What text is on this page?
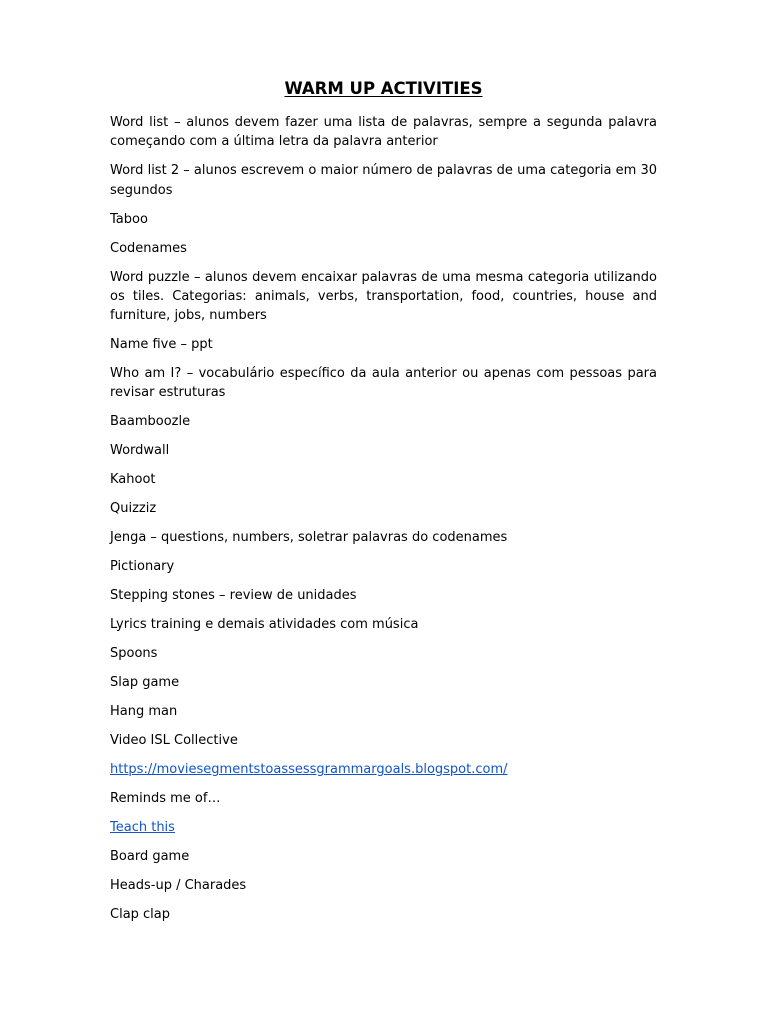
WARM UP ACTIVITIES
Word list – alunos devem fazer uma lista de palavras, sempre a segunda palavra começando com a última letra da palavra anterior
Word list 2 – alunos escrevem o maior número de palavras de uma categoria em 30 segundos
Taboo
Codenames
Word puzzle – alunos devem encaixar palavras de uma mesma categoria utilizando os tiles. Categorias: animals, verbs, transportation, food, countries, house and furniture, jobs, numbers
Name five – ppt
Who am I? – vocabulário específico da aula anterior ou apenas com pessoas para revisar estruturas
Baamboozle
Wordwall
Kahoot
Quizziz
Jenga – questions, numbers, soletrar palavras do codenames
Pictionary
Stepping stones – review de unidades
Lyrics training e demais atividades com música
Spoons
Slap game
Hang man
Video ISL Collective
https://moviesegmentstoassessgrammargoals.blogspot.com/
Reminds me of…
Teach this
Board game
Heads-up / Charades
Clap clap
